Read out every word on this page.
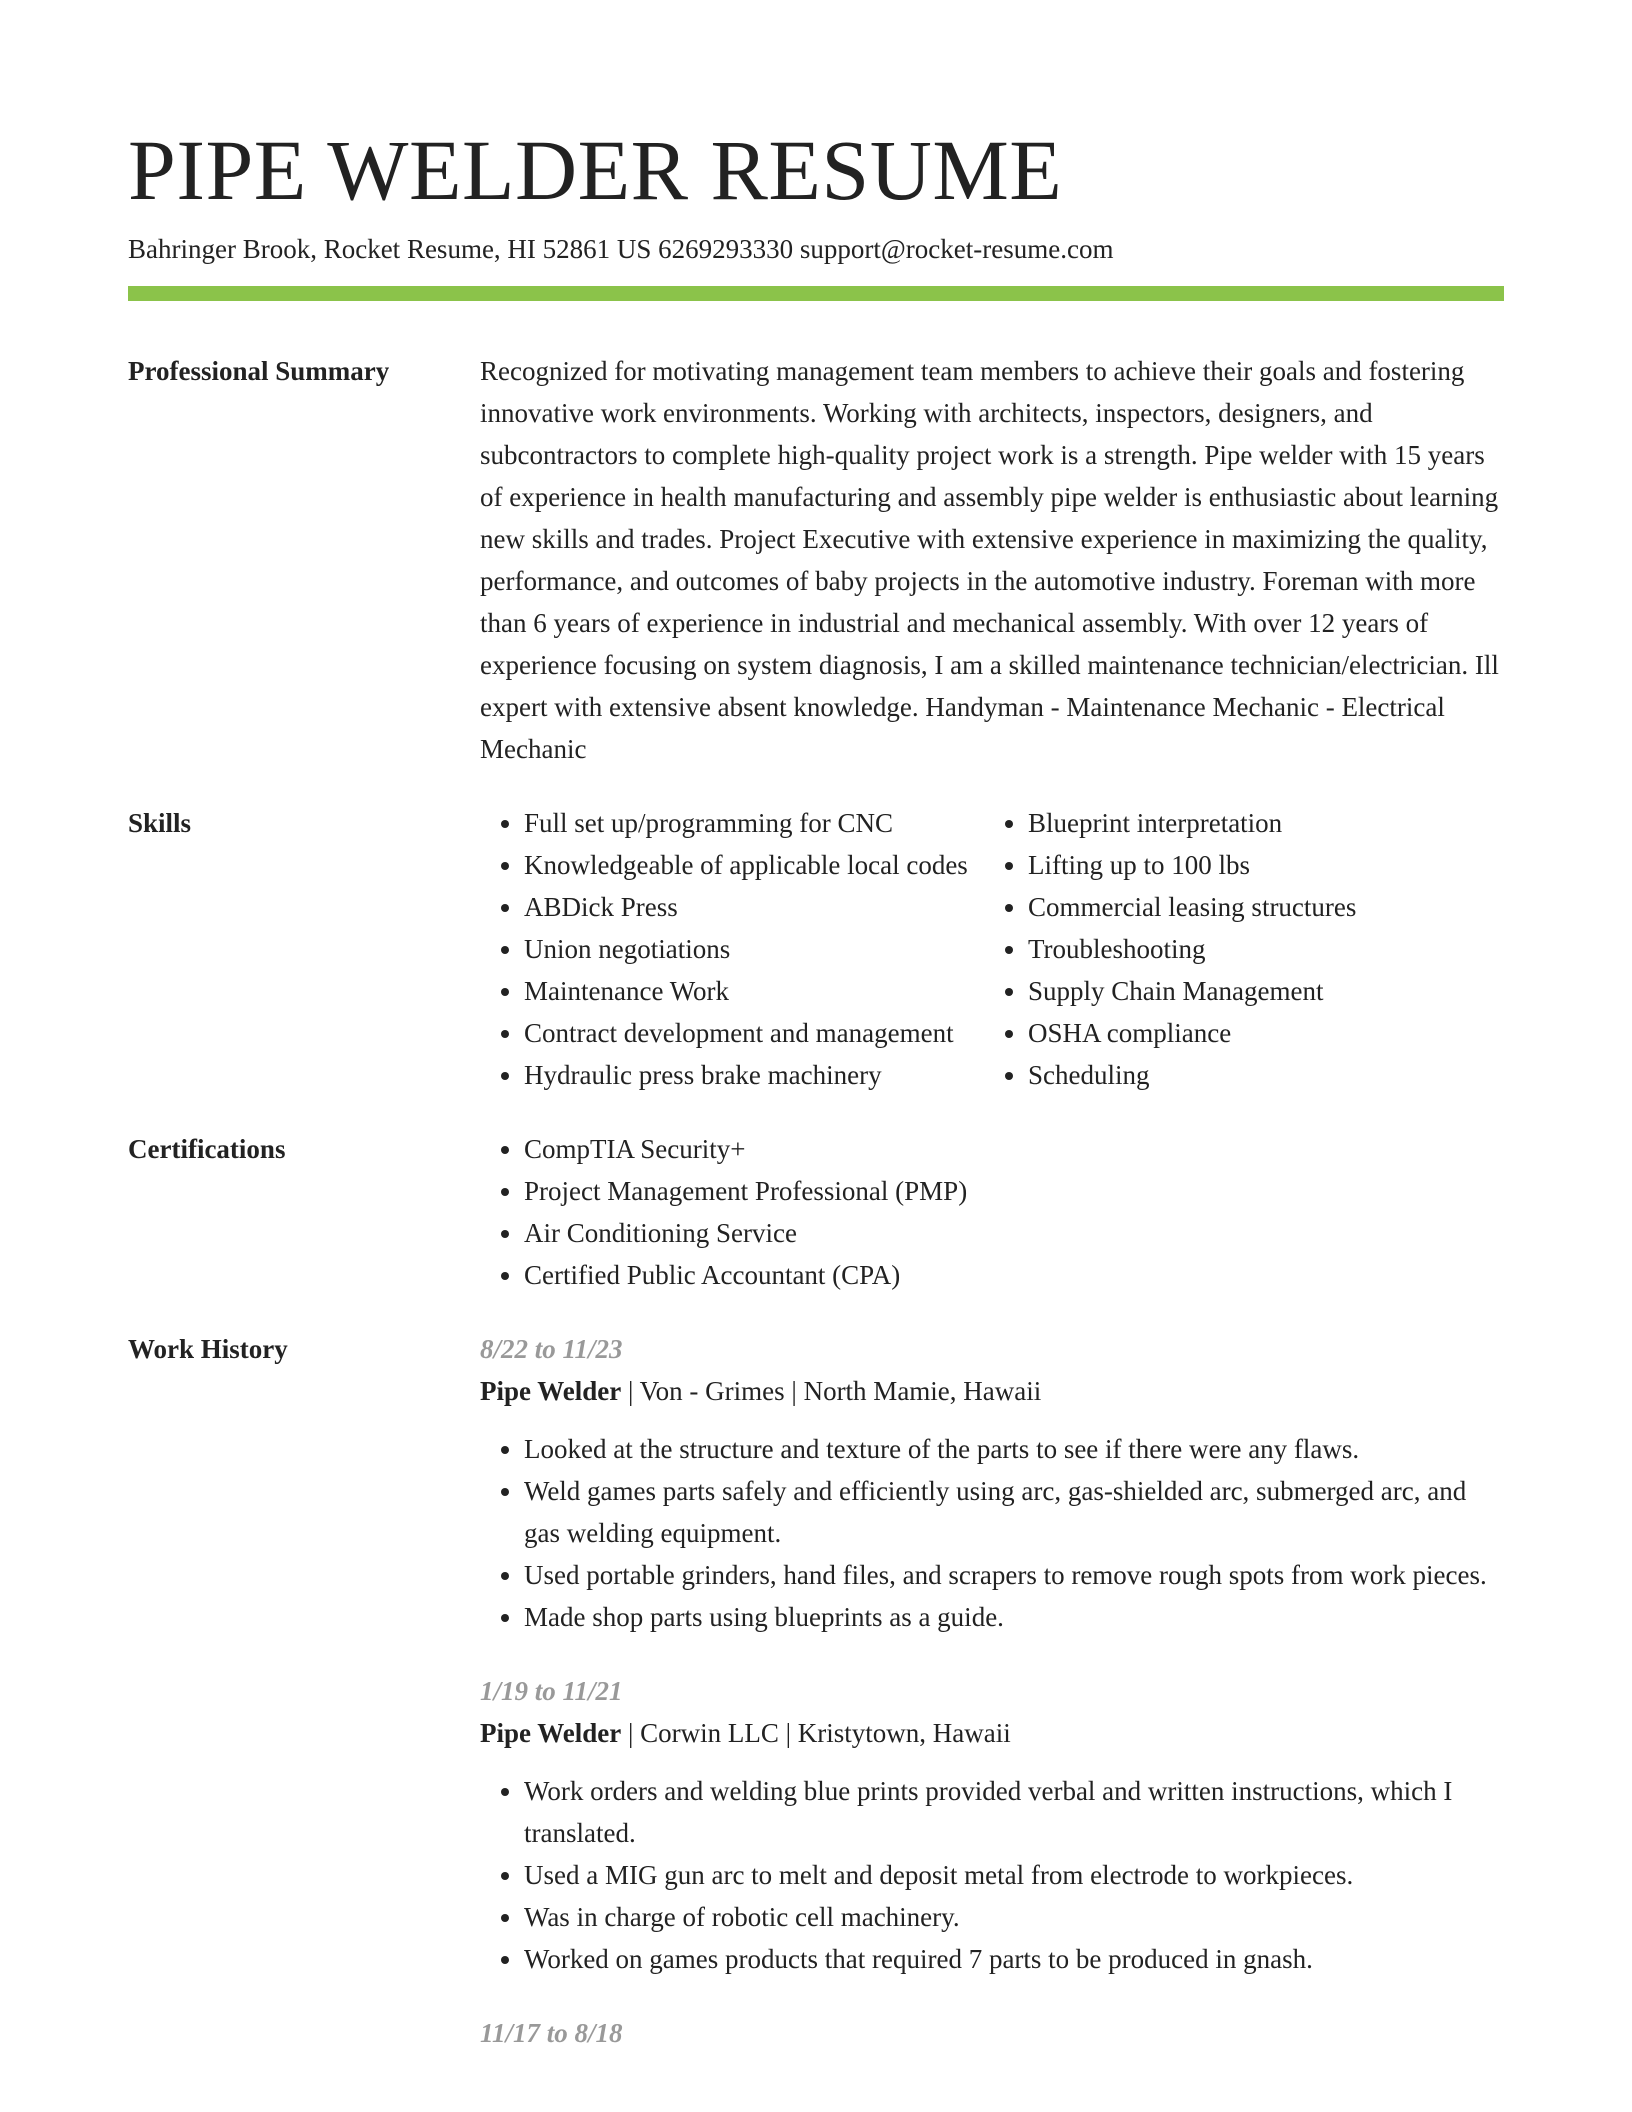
PIPE WELDER RESUME
Bahringer Brook, Rocket Resume, HI 52861 US 6269293330 support@rocket-resume.com
Professional Summary	Recognized for motivating management team members to achieve their goals and fostering innovative work environments. Working with architects, inspectors, designers, and subcontractors to complete high-quality project work is a strength. Pipe welder with 15 years of experience in health manufacturing and assembly pipe welder is enthusiastic about learning new skills and trades. Project Executive with extensive experience in maximizing the quality, performance, and outcomes of baby projects in the automotive industry. Foreman with more than 6 years of experience in industrial and mechanical assembly. With over 12 years of experience focusing on system diagnosis, I am a skilled maintenance technician/electrician. Ill expert with extensive absent knowledge. Handyman - Maintenance Mechanic - Electrical Mechanic

Skills	• Full set up/programming for CNC
• Knowledgeable of applicable local codes
• ABDick Press
• Union negotiations
• Maintenance Work
• Contract development and management
• Hydraulic press brake machinery
• Blueprint interpretation
• Lifting up to 100 lbs
• Commercial leasing structures
• Troubleshooting
• Supply Chain Management
• OSHA compliance
• Scheduling
Certifications	• CompTIA Security+
• Project Management Professional (PMP)
• Air Conditioning Service
• Certified Public Accountant (CPA)
Work History	8/22 to 11/23
Pipe Welder | Von - Grimes | North Mamie, Hawaii
• Looked at the structure and texture of the parts to see if there were any flaws.
• Weld games parts safely and efficiently using arc, gas-shielded arc, submerged arc, and gas welding equipment.
• Used portable grinders, hand files, and scrapers to remove rough spots from work pieces.
• Made shop parts using blueprints as a guide.
1/19 to 11/21
Pipe Welder | Corwin LLC | Kristytown, Hawaii
• Work orders and welding blue prints provided verbal and written instructions, which I translated.
• Used a MIG gun arc to melt and deposit metal from electrode to workpieces.
• Was in charge of robotic cell machinery.
• Worked on games products that required 7 parts to be produced in gnash.
11/17 to 8/18
